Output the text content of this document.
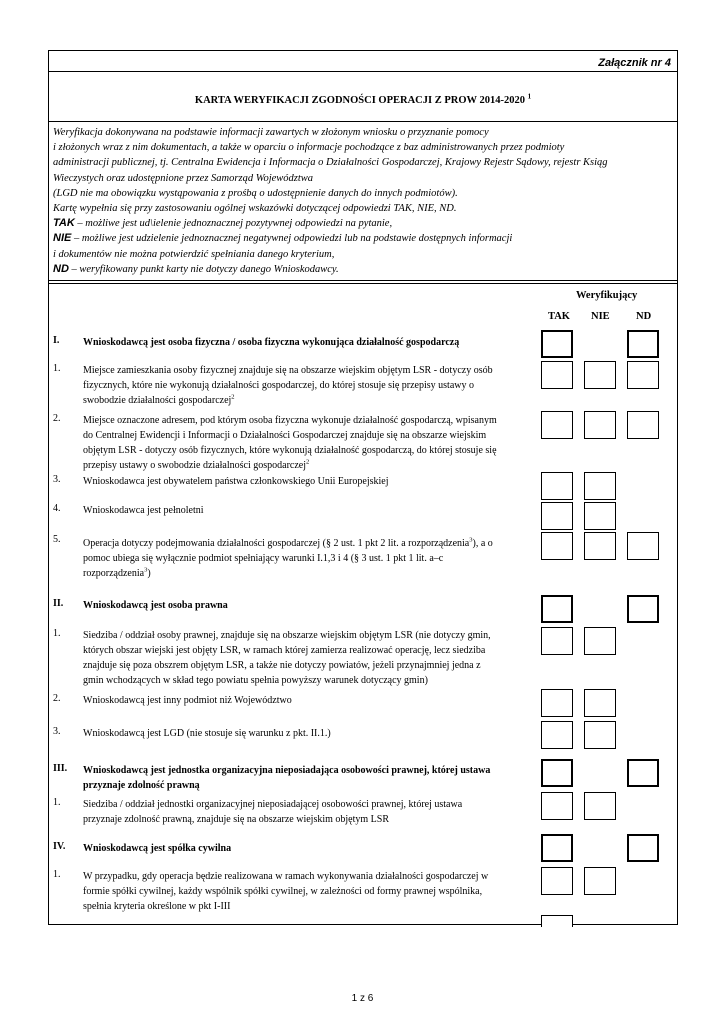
Załącznik nr 4
KARTA WERYFIKACJI ZGODNOŚCI OPERACJI Z PROW 2014-2020 $^1$
Weryfikacja dokonywana na podstawie informacji zawartych w złożonym wniosku o przyznanie pomocy
i złożonych wraz z nim dokumentach, a także w oparciu o informacje pochodzące z baz administrowanych przez podmioty
administracji publicznej, tj. Centralna Ewidencja i Informacja o Działalności Gospodarczej, Krajowy Rejestr Sądowy, rejestr Ksiąg
Wieczystych oraz udostępnione przez Samorząd Województwa
(LGD nie ma obowiązku wystąpowania z prośbą o udostępnienie danych do innych podmiotów).
Kartę wypełnia się przy zastosowaniu ogólnej wskazówki dotyczącej odpowiedzi TAK, NIE, ND.
TAK – możliwe jest ud\ielenie jednoznacznej pozytywnej odpowiedzi na pytanie,
NIE – możliwe jest udzielenie jednoznacznej negatywnej odpowiedzi lub na podstawie dostępnych informacji
i dokumentów nie można potwierdzić spełniania danego kryterium,
ND – weryfikowany punkt karty nie dotyczy danego Wnioskodawcy.
Weryfikujący
TAK NIE	ND
I. Wnioskodawcą jest osoba fizyczna / osoba fizyczna wykonująca działalność gospodarczą
1. Miejsce zamieszkania osoby fizycznej znajduje się na obszarze wiejskim objętym LSR - dotyczy osób
fizycznych, które nie wykonują działalności gospodarczej, do której stosuje się przepisy ustawy o
swobodzie działalności gospodarczej$^2$
2. Miejsce oznaczone adresem, pod którym osoba fizyczna wykonuje działalność gospodarczą, wpisanym
do Centralnej Ewidencji i Informacji o Działalności Gospodarczej znajduje się na obszarze wiejskim
objętym LSR - dotyczy osób fizycznych, które wykonują działalność gospodarczą, do której stosuje się
przepisy ustawy o swobodzie działalności gospodarczej$^2$
3. Wnioskodawca jest obywatelem państwa członkowskiego Unii Europejskiej
4. Wnioskodawca jest pełnoletni
5. Operacja dotyczy podejmowania działalności gospodarczej (§ 2 ust. 1 pkt 2 lit. a rozporządzenia$^3$), a o
pomoc ubiega się wyłącznie podmiot spełniający warunki I.1,3 i 4 (§ 3 ust. 1 pkt 1 lit. a–c
rozporządzenia$^3$)
II. Wnioskodawcą jest osoba prawna
1. Siedziba / oddział osoby prawnej, znajduje się na obszarze wiejskim objętym LSR (nie dotyczy gmin,
których obszar wiejski jest objęty LSR, w ramach której zamierza realizować operację, lecz siedziba
znajduje się poza obszrem objętym LSR, a także nie dotyczy powiatów, jeżeli przynajmniej jedna z
gmin wchodzących w skład tego powiatu spełnia powyższy warunek dotyczący gmin)
2. Wnioskodawcą jest inny podmiot niż Województwo
3. Wnioskodawcą jest LGD (nie stosuje się warunku z pkt. II.1.)
III. Wnioskodawcą jest jednostka organizacyjna nieposiadająca osobowości prawnej, której ustawa
przyznaje zdolność prawną
1. Siedziba / oddział jednostki organizacyjnej nieposiadającej osobowości prawnej, której ustawa
przyznaje zdolność prawną, znajduje się na obszarze wiejskim objętym LSR
IV. Wnioskodawcą jest spółka cywilna
1. W przypadku, gdy operacja będzie realizowana w ramach wykonywania działalności gospodarczej w
formie spółki cywilnej, każdy wspólnik spółki cywilnej, w zależności od formy prawnej wspólnika,
spełnia kryteria określone w pkt I-III
1 z 6
